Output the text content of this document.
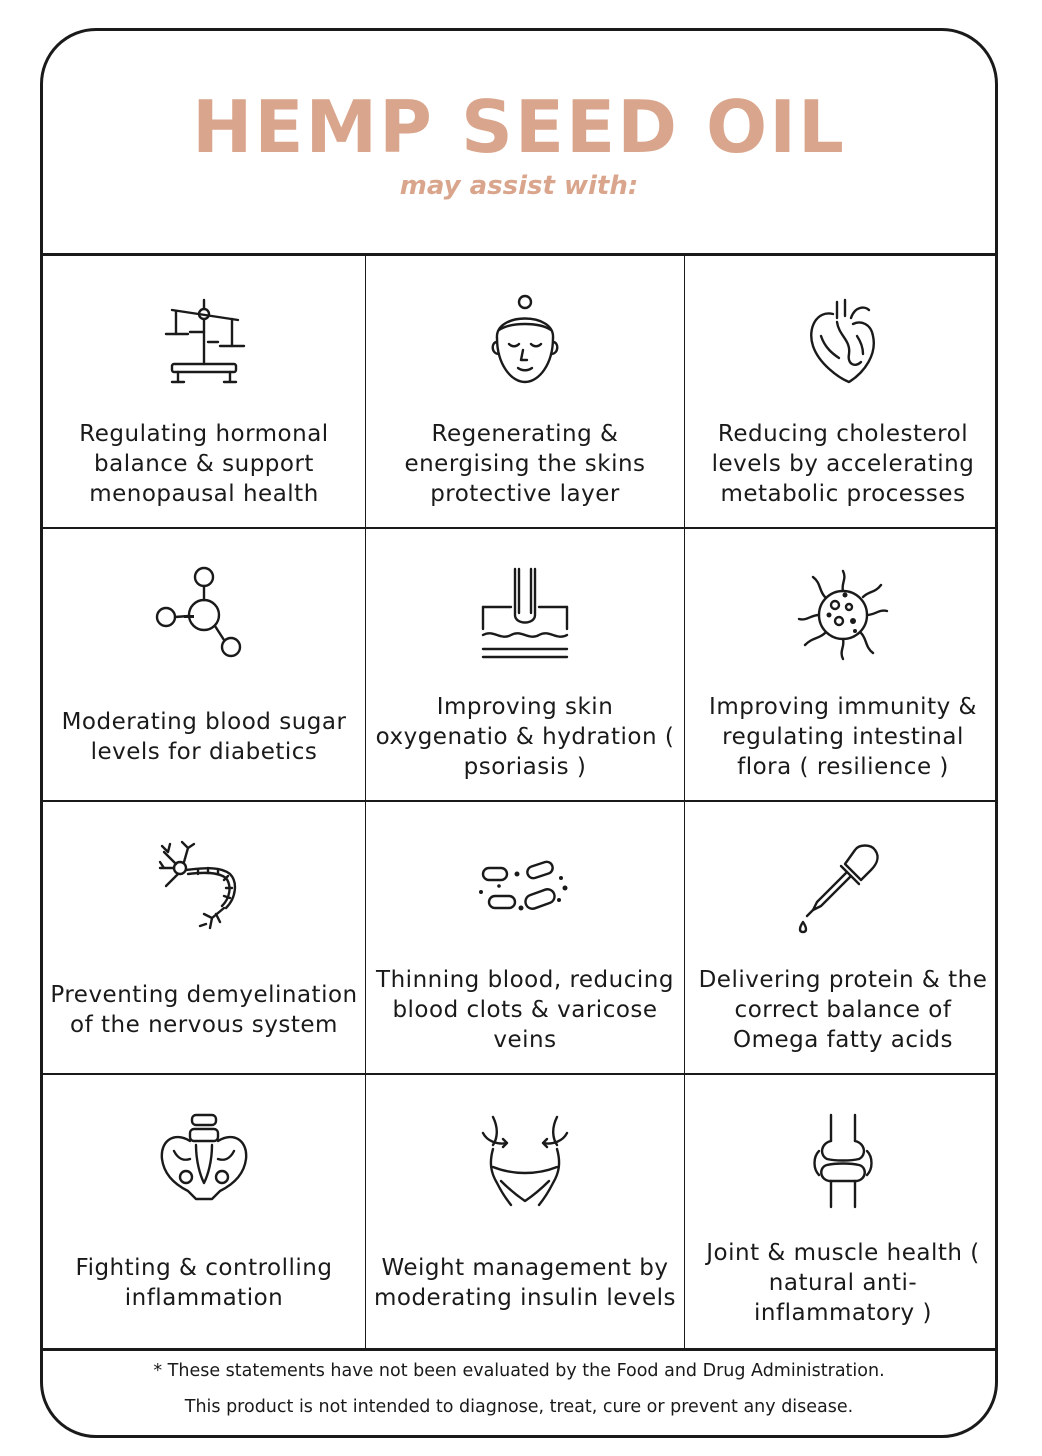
HEMP SEED OIL
may assist with:
Regulating hormonal balance & support menopausal health
Regenerating & energising the skins protective layer
Reducing cholesterol levels by accelerating metabolic processes
Moderating blood sugar levels for diabetics
Improving skin oxygenatio & hydration ( psoriasis )
Improving immunity & regulating intestinal flora ( resilience )
Preventing demyelination of the nervous system
Thinning blood, reducing blood clots & varicose veins
Delivering protein & the correct balance of Omega fatty acids
Fighting & controlling inflammation
Weight management by moderating insulin levels
Joint & muscle health ( natural anti-inflammatory )
* These statements have not been evaluated by the Food and Drug Administration.
This product is not intended to diagnose, treat, cure or prevent any disease.
